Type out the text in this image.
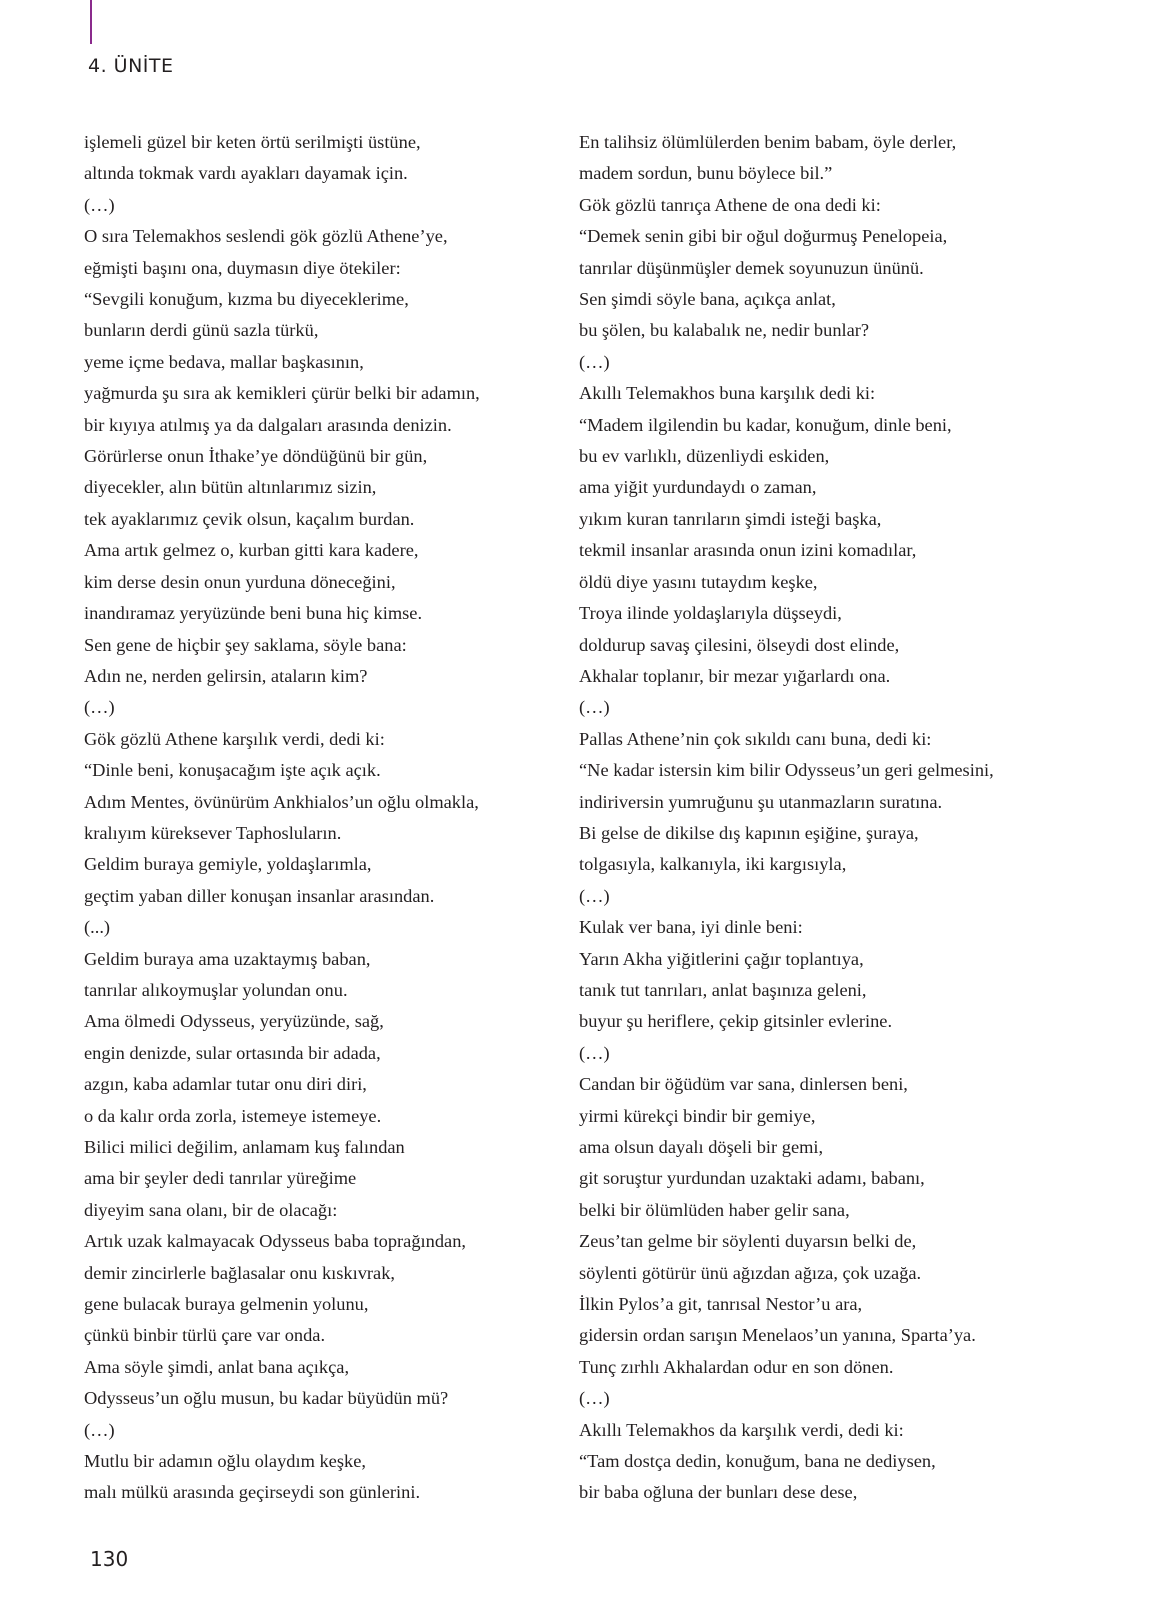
4. ÜNİTE
işlemeli güzel bir keten örtü serilmişti üstüne,
altında tokmak vardı ayakları dayamak için.
(…)
O sıra Telemakhos seslendi gök gözlü Athene’ye,
eğmişti başını ona, duymasın diye ötekiler:
“Sevgili konuğum, kızma bu diyeceklerime,
bunların derdi günü sazla türkü,
yeme içme bedava, mallar başkasının,
yağmurda şu sıra ak kemikleri çürür belki bir adamın,
bir kıyıya atılmış ya da dalgaları arasında denizin.
Görürlerse onun İthake’ye döndüğünü bir gün,
diyecekler, alın bütün altınlarımız sizin,
tek ayaklarımız çevik olsun, kaçalım burdan.
Ama artık gelmez o, kurban gitti kara kadere,
kim derse desin onun yurduna döneceğini,
inandıramaz yeryüzünde beni buna hiç kimse.
Sen gene de hiçbir şey saklama, söyle bana:
Adın ne, nerden gelirsin, ataların kim?
(…)
Gök gözlü Athene karşılık verdi, dedi ki:
“Dinle beni, konuşacağım işte açık açık.
Adım Mentes, övünürüm Ankhialos’un oğlu olmakla,
kralıyım küreksever Taphosluların.
Geldim buraya gemiyle, yoldaşlarımla,
geçtim yaban diller konuşan insanlar arasından.
(...)
Geldim buraya ama uzaktaymış baban,
tanrılar alıkoymuşlar yolundan onu.
Ama ölmedi Odysseus, yeryüzünde, sağ,
engin denizde, sular ortasında bir adada,
azgın, kaba adamlar tutar onu diri diri,
o da kalır orda zorla, istemeye istemeye.
Bilici milici değilim, anlamam kuş falından
ama bir şeyler dedi tanrılar yüreğime
diyeyim sana olanı, bir de olacağı:
Artık uzak kalmayacak Odysseus baba toprağından,
demir zincirlerle bağlasalar onu kıskıvrak,
gene bulacak buraya gelmenin yolunu,
çünkü binbir türlü çare var onda.
Ama söyle şimdi, anlat bana açıkça,
Odysseus’un oğlu musun, bu kadar büyüdün mü?
(…)
Mutlu bir adamın oğlu olaydım keşke,
malı mülkü arasında geçirseydi son günlerini.
En talihsiz ölümlülerden benim babam, öyle derler,
madem sordun, bunu böylece bil.”
Gök gözlü tanrıça Athene de ona dedi ki:
“Demek senin gibi bir oğul doğurmuş Penelopeia,
tanrılar düşünmüşler demek soyunuzun ününü.
Sen şimdi söyle bana, açıkça anlat,
bu şölen, bu kalabalık ne, nedir bunlar?
(…)
Akıllı Telemakhos buna karşılık dedi ki:
“Madem ilgilendin bu kadar, konuğum, dinle beni,
bu ev varlıklı, düzenliydi eskiden,
ama yiğit yurdundaydı o zaman,
yıkım kuran tanrıların şimdi isteği başka,
tekmil insanlar arasında onun izini komadılar,
öldü diye yasını tutaydım keşke,
Troya ilinde yoldaşlarıyla düşseydi,
doldurup savaş çilesini, ölseydi dost elinde,
Akhalar toplanır, bir mezar yığarlardı ona.
(…)
Pallas Athene’nin çok sıkıldı canı buna, dedi ki:
“Ne kadar istersin kim bilir Odysseus’un geri gelmesini,
indiriversin yumruğunu şu utanmazların suratına.
Bi gelse de dikilse dış kapının eşiğine, şuraya,
tolgasıyla, kalkanıyla, iki kargısıyla,
(…)
Kulak ver bana, iyi dinle beni:
Yarın Akha yiğitlerini çağır toplantıya,
tanık tut tanrıları, anlat başınıza geleni,
buyur şu heriflere, çekip gitsinler evlerine.
(…)
Candan bir öğüdüm var sana, dinlersen beni,
yirmi kürekçi bindir bir gemiye,
ama olsun dayalı döşeli bir gemi,
git soruştur yurdundan uzaktaki adamı, babanı,
belki bir ölümlüden haber gelir sana,
Zeus’tan gelme bir söylenti duyarsın belki de,
söylenti götürür ünü ağızdan ağıza, çok uzağa.
İlkin Pylos’a git, tanrısal Nestor’u ara,
gidersin ordan sarışın Menelaos’un yanına, Sparta’ya.
Tunç zırhlı Akhalardan odur en son dönen.
(…)
Akıllı Telemakhos da karşılık verdi, dedi ki:
“Tam dostça dedin, konuğum, bana ne dediysen,
bir baba oğluna der bunları dese dese,
130
